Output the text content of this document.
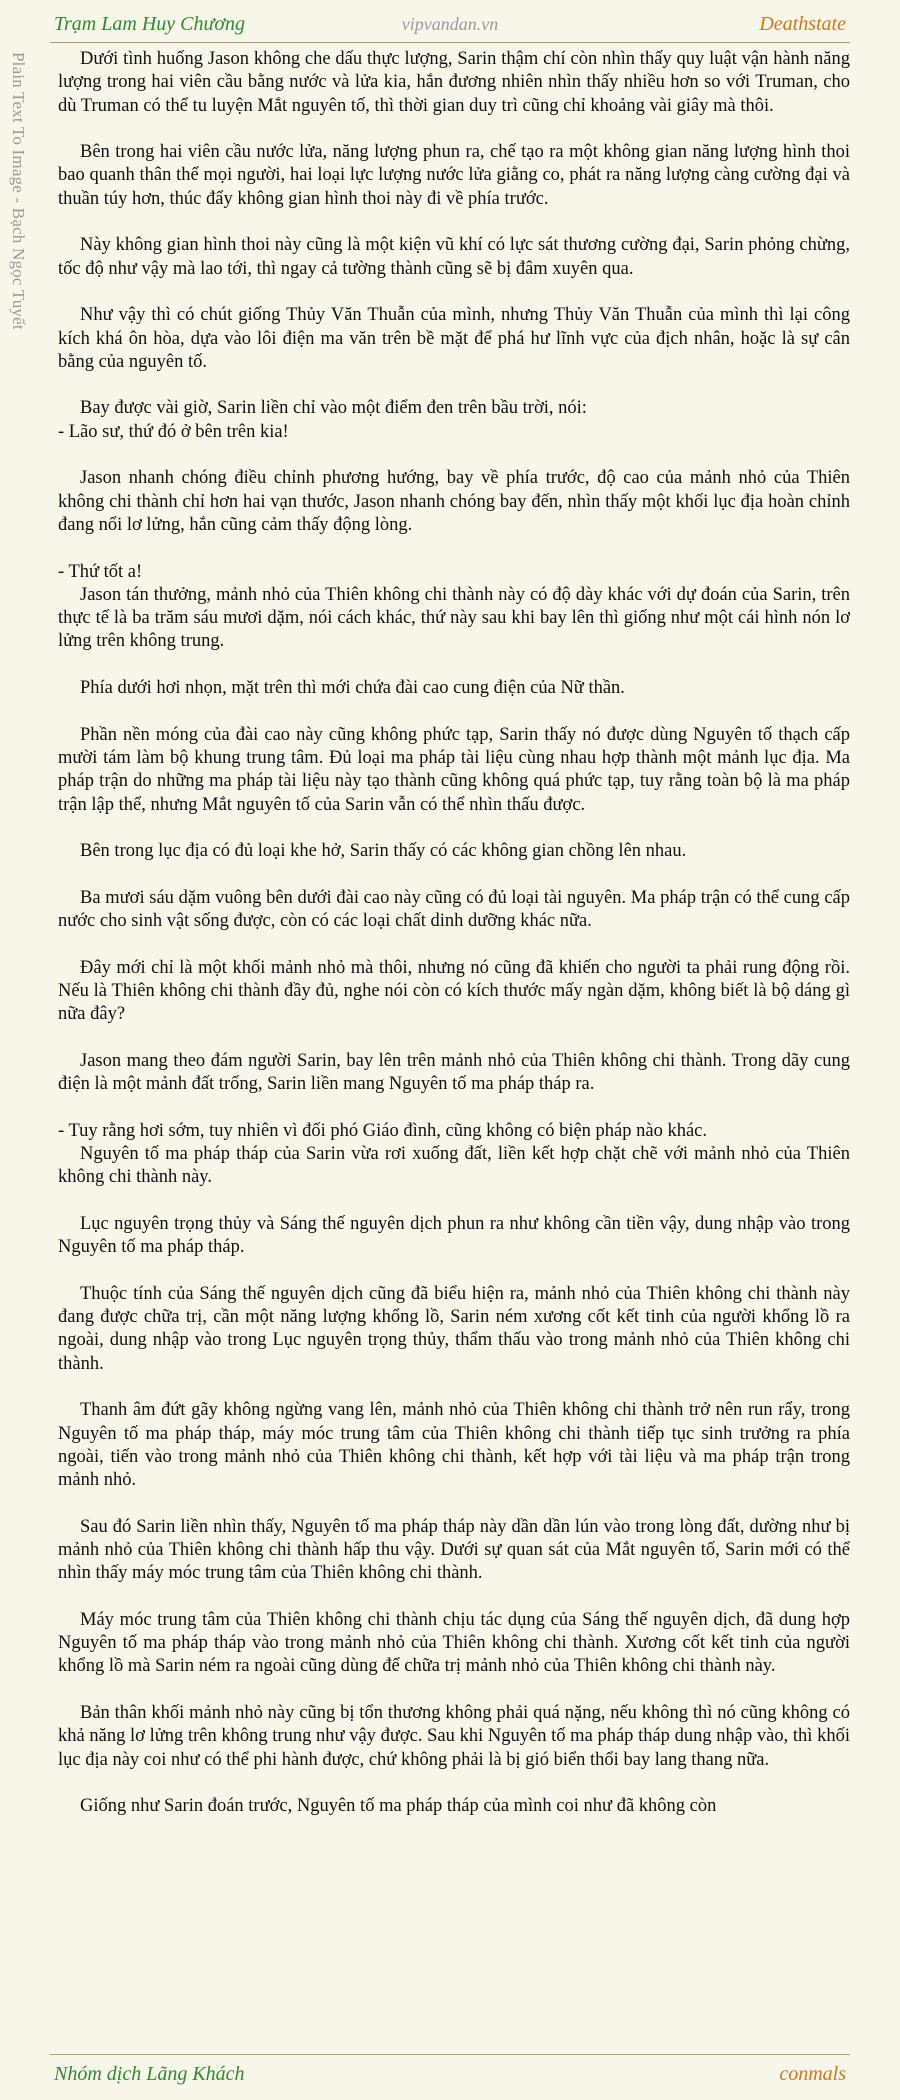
Trạm Lam Huy Chương	vipvandan.vn	Deathstate
Plain Text To Image - Bạch Ngọc Tuyết	Dưới tình huống Jason không che dấu thực lượng, Sarin thậm chí còn nhìn thấy quy luật vận hành năng lượng trong hai viên cầu bằng nước và lửa kia, hắn đương nhiên nhìn thấy nhiều hơn so với Truman, cho dù Truman có thể tu luyện Mắt nguyên tố, thì thời gian duy trì cũng chỉ khoảng vài giây mà thôi.

Bên trong hai viên cầu nước lửa, năng lượng phun ra, chế tạo ra một không gian năng lượng hình thoi bao quanh thân thể mọi người, hai loại lực lượng nước lửa giằng co, phát ra năng lượng càng cường đại và thuần túy hơn, thúc đẩy không gian hình thoi này đi về phía trước.

Này không gian hình thoi này cũng là một kiện vũ khí có lực sát thương cường đại, Sarin phỏng chừng, tốc độ như vậy mà lao tới, thì ngay cả tường thành cũng sẽ bị đâm xuyên qua.

Như vậy thì có chút giống Thủy Văn Thuẫn của mình, nhưng Thủy Văn Thuẫn của mình thì lại công kích khá ôn hòa, dựa vào lôi điện ma văn trên bề mặt để phá hư lĩnh vực của địch nhân, hoặc là sự cân bằng của nguyên tố.

Bay được vài giờ, Sarin liền chỉ vào một điểm đen trên bầu trời, nói:
- Lão sư, thứ đó ở bên trên kia!

Jason nhanh chóng điều chỉnh phương hướng, bay về phía trước, độ cao của mảnh nhỏ của Thiên không chi thành chỉ hơn hai vạn thước, Jason nhanh chóng bay đến, nhìn thấy một khối lục địa hoàn chỉnh đang nổi lơ lửng, hắn cũng cảm thấy động lòng.

- Thứ tốt a!
Jason tán thưởng, mảnh nhỏ của Thiên không chi thành này có độ dày khác với dự đoán của Sarin, trên thực tế là ba trăm sáu mươi dặm, nói cách khác, thứ này sau khi bay lên thì giống như một cái hình nón lơ lửng trên không trung.

Phía dưới hơi nhọn, mặt trên thì mới chứa đài cao cung điện của Nữ thần.

Phần nền móng của đài cao này cũng không phức tạp, Sarin thấy nó được dùng Nguyên tố thạch cấp mười tám làm bộ khung trung tâm. Đủ loại ma pháp tài liệu cùng nhau hợp thành một mảnh lục địa. Ma pháp trận do những ma pháp tài liệu này tạo thành cũng không quá phức tạp, tuy rằng toàn bộ là ma pháp trận lập thể, nhưng Mắt nguyên tố của Sarin vẫn có thể nhìn thấu được.

Bên trong lục địa có đủ loại khe hở, Sarin thấy có các không gian chồng lên nhau.

Ba mươi sáu dặm vuông bên dưới đài cao này cũng có đủ loại tài nguyên. Ma pháp trận có thể cung cấp nước cho sinh vật sống được, còn có các loại chất dinh dưỡng khác nữa.

Đây mới chỉ là một khối mảnh nhỏ mà thôi, nhưng nó cũng đã khiến cho người ta phải rung động rồi. Nếu là Thiên không chi thành đầy đủ, nghe nói còn có kích thước mấy ngàn dặm, không biết là bộ dáng gì nữa đây?

Jason mang theo đám người Sarin, bay lên trên mảnh nhỏ của Thiên không chi thành. Trong dãy cung điện là một mảnh đất trống, Sarin liền mang Nguyên tố ma pháp tháp ra.

- Tuy rằng hơi sớm, tuy nhiên vì đối phó Giáo đình, cũng không có biện pháp nào khác.
Nguyên tố ma pháp tháp của Sarin vừa rơi xuống đất, liền kết hợp chặt chẽ với mảnh nhỏ của Thiên không chi thành này.

Lục nguyên trọng thủy và Sáng thế nguyên dịch phun ra như không cần tiền vậy, dung nhập vào trong Nguyên tố ma pháp tháp.

Thuộc tính của Sáng thế nguyên dịch cũng đã biểu hiện ra, mảnh nhỏ của Thiên không chi thành này đang được chữa trị, cần một năng lượng khổng lồ, Sarin ném xương cốt kết tinh của người khổng lồ ra ngoài, dung nhập vào trong Lục nguyên trọng thủy, thẩm thấu vào trong mảnh nhỏ của Thiên không chi thành.

Thanh âm đứt gãy không ngừng vang lên, mảnh nhỏ của Thiên không chi thành trở nên run rẩy, trong Nguyên tố ma pháp tháp, máy móc trung tâm của Thiên không chi thành tiếp tục sinh trưởng ra phía ngoài, tiến vào trong mảnh nhỏ của Thiên không chi thành, kết hợp với tài liệu và ma pháp trận trong mảnh nhỏ.

Sau đó Sarin liền nhìn thấy, Nguyên tố ma pháp tháp này dần dần lún vào trong lòng đất, dường như bị mảnh nhỏ của Thiên không chi thành hấp thu vậy. Dưới sự quan sát của Mắt nguyên tố, Sarin mới có thể nhìn thấy máy móc trung tâm của Thiên không chi thành.

Máy móc trung tâm của Thiên không chi thành chịu tác dụng của Sáng thế nguyên dịch, đã dung hợp Nguyên tố ma pháp tháp vào trong mảnh nhỏ của Thiên không chi thành. Xương cốt kết tinh của người khổng lồ mà Sarin ném ra ngoài cũng dùng để chữa trị mảnh nhỏ của Thiên không chi thành này.

Bản thân khối mảnh nhỏ này cũng bị tổn thương không phải quá nặng, nếu không thì nó cũng không có khả năng lơ lửng trên không trung như vậy được. Sau khi Nguyên tố ma pháp tháp dung nhập vào, thì khối lục địa này coi như có thể phi hành được, chứ không phải là bị gió biển thổi bay lang thang nữa.

Giống như Sarin đoán trước, Nguyên tố ma pháp tháp của mình coi như đã không còn

Nhóm dịch Lãng Khách	conmals
